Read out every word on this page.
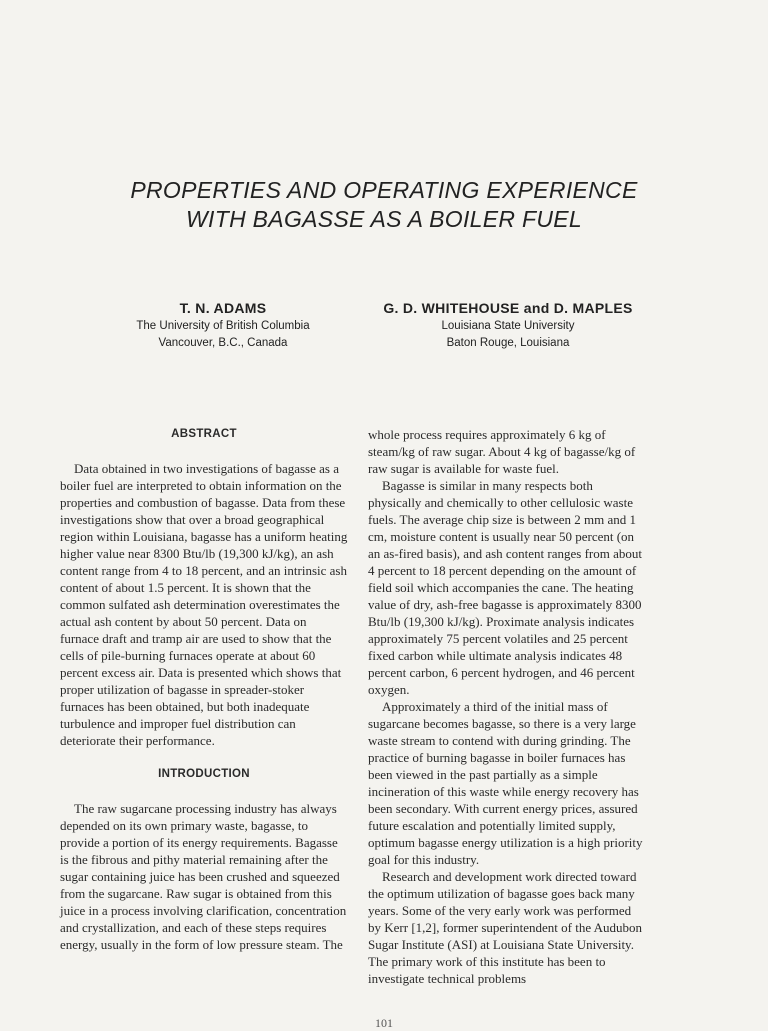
PROPERTIES AND OPERATING EXPERIENCE
WITH BAGASSE AS A BOILER FUEL
T. N. ADAMS
The University of British Columbia
Vancouver, B.C., Canada
G. D. WHITEHOUSE and D. MAPLES
Louisiana State University
Baton Rouge, Louisiana
ABSTRACT

Data obtained in two investigations of bagasse as a boiler fuel are interpreted to obtain information on the properties and combustion of bagasse. Data from these investigations show that over a broad geographical region within Louisiana, bagasse has a uniform heating higher value near 8300 Btu/lb (19,300 kJ/kg), an ash content range from 4 to 18 percent, and an intrinsic ash content of about 1.5 percent. It is shown that the common sulfated ash determination overestimates the actual ash content by about 50 percent. Data on furnace draft and tramp air are used to show that the cells of pile-burning furnaces operate at about 60 percent excess air. Data is presented which shows that proper utilization of bagasse in spreader-stoker furnaces has been obtained, but both inadequate turbulence and improper fuel distribution can deteriorate their performance.

INTRODUCTION

The raw sugarcane processing industry has always depended on its own primary waste, bagasse, to provide a portion of its energy requirements. Bagasse is the fibrous and pithy material remaining after the sugar containing juice has been crushed and squeezed from the sugarcane. Raw sugar is obtained from this juice in a process involving clarification, concentration and crystallization, and each of these steps requires energy, usually in the form of low pressure steam. The

whole process requires approximately 6 kg of steam/kg of raw sugar. About 4 kg of bagasse/kg of raw sugar is available for waste fuel.

Bagasse is similar in many respects both physically and chemically to other cellulosic waste fuels. The average chip size is between 2 mm and 1 cm, moisture content is usually near 50 percent (on an as-fired basis), and ash content ranges from about 4 percent to 18 percent depending on the amount of field soil which accompanies the cane. The heating value of dry, ash-free bagasse is approximately 8300 Btu/lb (19,300 kJ/kg). Proximate analysis indicates approximately 75 percent volatiles and 25 percent fixed carbon while ultimate analysis indicates 48 percent carbon, 6 percent hydrogen, and 46 percent oxygen.

Approximately a third of the initial mass of sugarcane becomes bagasse, so there is a very large waste stream to contend with during grinding. The practice of burning bagasse in boiler furnaces has been viewed in the past partially as a simple incineration of this waste while energy recovery has been secondary. With current energy prices, assured future escalation and potentially limited supply, optimum bagasse energy utilization is a high priority goal for this industry.

Research and development work directed toward the optimum utilization of bagasse goes back many years. Some of the very early work was performed by Kerr [1,2], former superintendent of the Audubon Sugar Institute (ASI) at Louisiana State University. The primary work of this institute has been to investigate technical problems

101
